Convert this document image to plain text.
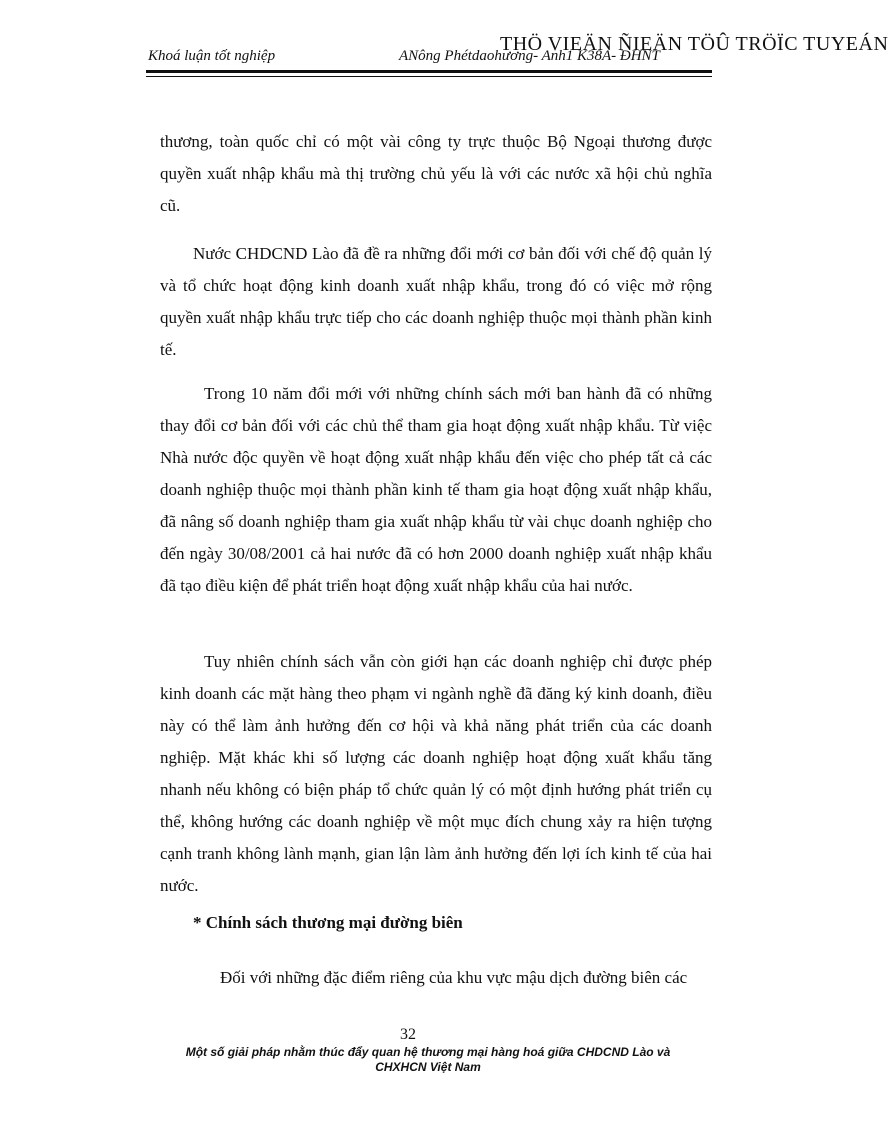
Khoá luận tốt nghiệp	ANông Phétdaohương- Anh1 K38A- ĐHNT
THÖ VIEÄN ÑIEÄN TÖÛ TRÖÏC TUYEÁN

thương, toàn quốc chỉ có một vài công ty trực thuộc Bộ Ngoại thương được quyền xuất nhập khẩu mà thị trường chủ yếu là với các nước xã hội chủ nghĩa cũ.

Nước CHDCND Lào đã đề ra những đổi mới cơ bản đối với chế độ quản lý và tổ chức hoạt động kinh doanh xuất nhập khẩu, trong đó có việc mở rộng quyền xuất nhập khẩu trực tiếp cho các doanh nghiệp thuộc mọi thành phần kinh tế.

Trong 10 năm đổi mới với những chính sách mới ban hành đã có những thay đổi cơ bản đối với các chủ thể tham gia hoạt động xuất nhập khẩu. Từ việc Nhà nước độc quyền về hoạt động xuất nhập khẩu đến việc cho phép tất cả các doanh nghiệp thuộc mọi thành phần kinh tế tham gia hoạt động xuất nhập khẩu, đã nâng số doanh nghiệp tham gia xuất nhập khẩu từ vài chục doanh nghiệp cho đến ngày 30/08/2001 cả hai nước đã có hơn 2000 doanh nghiệp xuất nhập khẩu đã tạo điều kiện để phát triển hoạt động xuất nhập khẩu của hai nước.

Tuy nhiên chính sách vẫn còn giới hạn các doanh nghiệp chỉ được phép kinh doanh các mặt hàng theo phạm vi ngành nghề đã đăng ký kinh doanh, điều này có thể làm ảnh hưởng đến cơ hội và khả năng phát triển của các doanh nghiệp. Mặt khác khi số lượng các doanh nghiệp hoạt động xuất khẩu tăng nhanh nếu không có biện pháp tổ chức quản lý có một định hướng phát triển cụ thể, không hướng các doanh nghiệp về một mục đích chung xảy ra hiện tượng cạnh tranh không lành mạnh, gian lận làm ảnh hưởng đến lợi ích kinh tế của hai nước.

* Chính sách thương mại đường biên

Đối với những đặc điểm riêng của khu vực mậu dịch đường biên các

32
Một số giải pháp nhằm thúc đẩy quan hệ thương mại hàng hoá giữa CHDCND Lào và
CHXHCN Việt Nam
